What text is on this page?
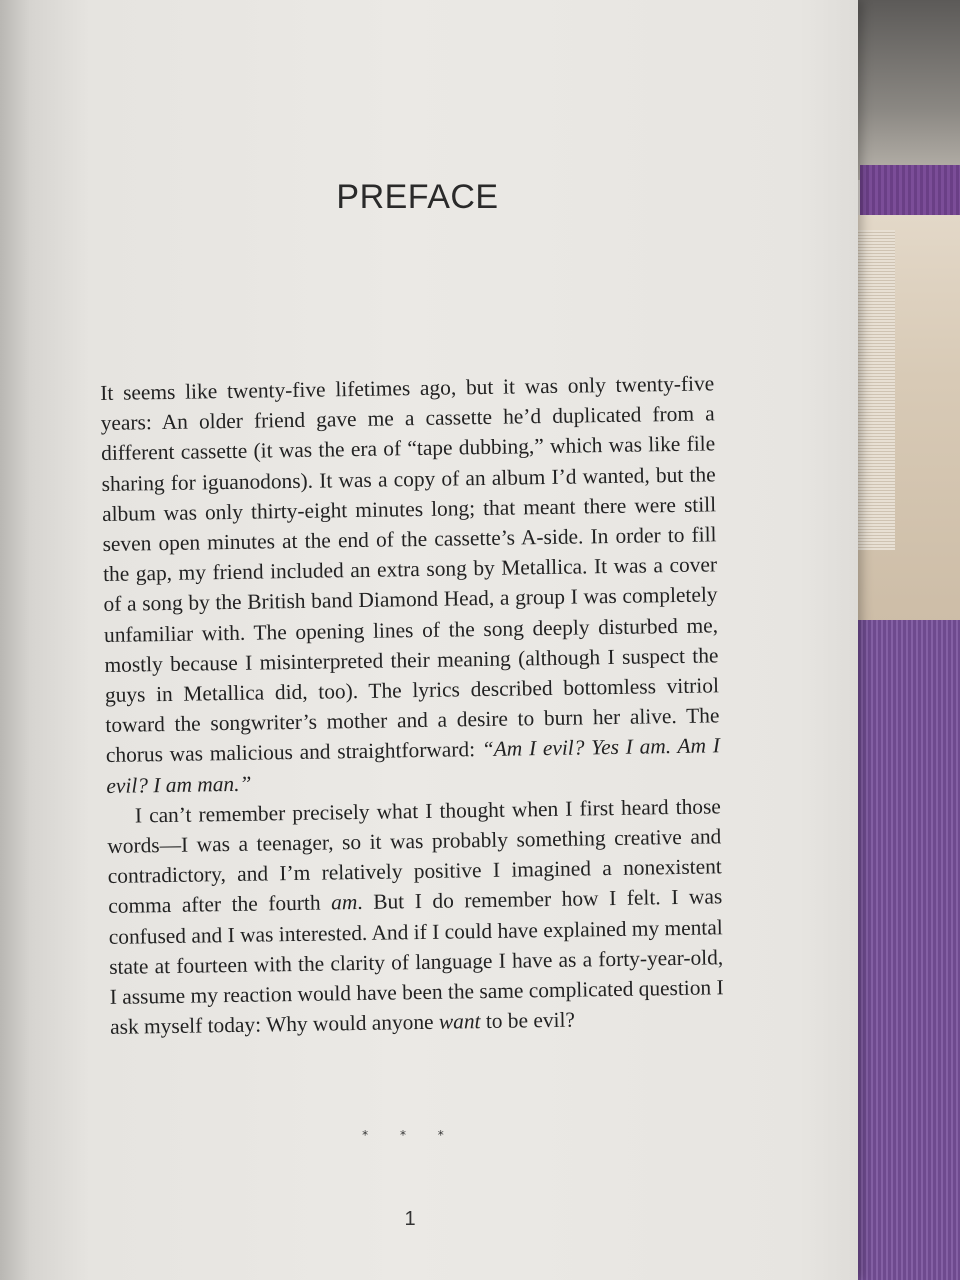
PREFACE

It seems like twenty-five lifetimes ago, but it was only twenty-five years: An older friend gave me a cassette he’d duplicated from a different cassette (it was the era of “tape dubbing,” which was like file sharing for iguanodons). It was a copy of an album I’d wanted, but the album was only thirty-eight minutes long; that meant there were still seven open minutes at the end of the cassette’s A-side. In order to fill the gap, my friend included an extra song by Metallica. It was a cover of a song by the British band Diamond Head, a group I was completely unfamiliar with. The opening lines of the song deeply disturbed me, mostly because I misinterpreted their meaning (although I suspect the guys in Metallica did, too). The lyrics described bottomless vitriol toward the songwriter’s mother and a desire to burn her alive. The chorus was malicious and straightforward: “Am I evil? Yes I am. Am I evil? I am man.”

I can’t remember precisely what I thought when I first heard those words—I was a teenager, so it was probably something creative and contradictory, and I’m relatively positive I imagined a nonexistent comma after the fourth am. But I do remember how I felt. I was confused and I was interested. And if I could have explained my mental state at fourteen with the clarity of language I have as a forty-year-old, I assume my reaction would have been the same complicated question I ask myself today: Why would anyone want to be evil?

* * *
1
